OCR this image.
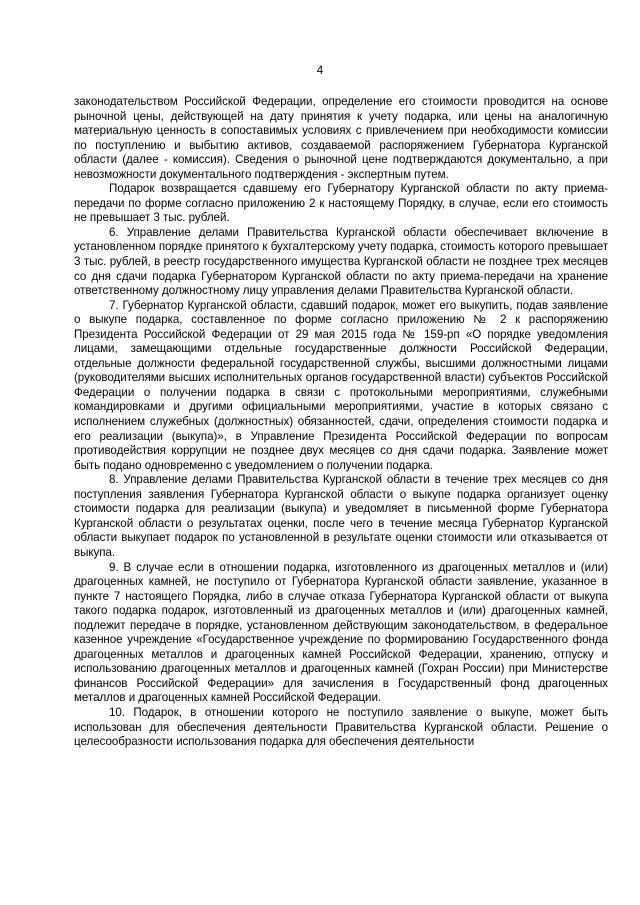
4

законодательством Российской Федерации, определение его стоимости проводится на основе рыночной цены, действующей на дату принятия к учету подарка, или цены на аналогичную материальную ценность в сопоставимых условиях с привлечением при необходимости комиссии по поступлению и выбытию активов, создаваемой распоряжением Губернатора Курганской области (далее - комиссия). Сведения о рыночной цене подтверждаются документально, а при невозможности документального подтверждения - экспертным путем.

Подарок возвращается сдавшему его Губернатору Курганской области по акту приема-передачи по форме согласно приложению 2 к настоящему Порядку, в случае, если его стоимость не превышает 3 тыс. рублей.

6. Управление делами Правительства Курганской области обеспечивает включение в установленном порядке принятого к бухгалтерскому учету подарка, стоимость которого превышает 3 тыс. рублей, в реестр государственного имущества Курганской области не позднее трех месяцев со дня сдачи подарка Губернатором Курганской области по акту приема-передачи на хранение ответственному должностному лицу управления делами Правительства Курганской области.

7. Губернатор Курганской области, сдавший подарок, может его выкупить, подав заявление о выкупе подарка, составленное по форме согласно приложению № 2 к распоряжению Президента Российской Федерации от 29 мая 2015 года № 159-рп «О порядке уведомления лицами, замещающими отдельные государственные должности Российской Федерации, отдельные должности федеральной государственной службы, высшими должностными лицами (руководителями высших исполнительных органов государственной власти) субъектов Российской Федерации о получении подарка в связи с протокольными мероприятиями, служебными командировками и другими официальными мероприятиями, участие в которых связано с исполнением служебных (должностных) обязанностей, сдачи, определения стоимости подарка и его реализации (выкупа)», в Управление Президента Российской Федерации по вопросам противодействия коррупции не позднее двух месяцев со дня сдачи подарка. Заявление может быть подано одновременно с уведомлением о получении подарка.

8. Управление делами Правительства Курганской области в течение трех месяцев со дня поступления заявления Губернатора Курганской области о выкупе подарка организует оценку стоимости подарка для реализации (выкупа) и уведомляет в письменной форме Губернатора Курганской области о результатах оценки, после чего в течение месяца Губернатор Курганской области выкупает подарок по установленной в результате оценки стоимости или отказывается от выкупа.

9. В случае если в отношении подарка, изготовленного из драгоценных металлов и (или) драгоценных камней, не поступило от Губернатора Курганской области заявление, указанное в пункте 7 настоящего Порядка, либо в случае отказа Губернатора Курганской области от выкупа такого подарка подарок, изготовленный из драгоценных металлов и (или) драгоценных камней, подлежит передаче в порядке, установленном действующим законодательством, в федеральное казенное учреждение «Государственное учреждение по формированию Государственного фонда драгоценных металлов и драгоценных камней Российской Федерации, хранению, отпуску и использованию драгоценных металлов и драгоценных камней (Гохран России) при Министерстве финансов Российской Федерации» для зачисления в Государственный фонд драгоценных металлов и драгоценных камней Российской Федерации.

10. Подарок, в отношении которого не поступило заявление о выкупе, может быть использован для обеспечения деятельности Правительства Курганской области. Решение о целесообразности использования подарка для обеспечения деятельности
